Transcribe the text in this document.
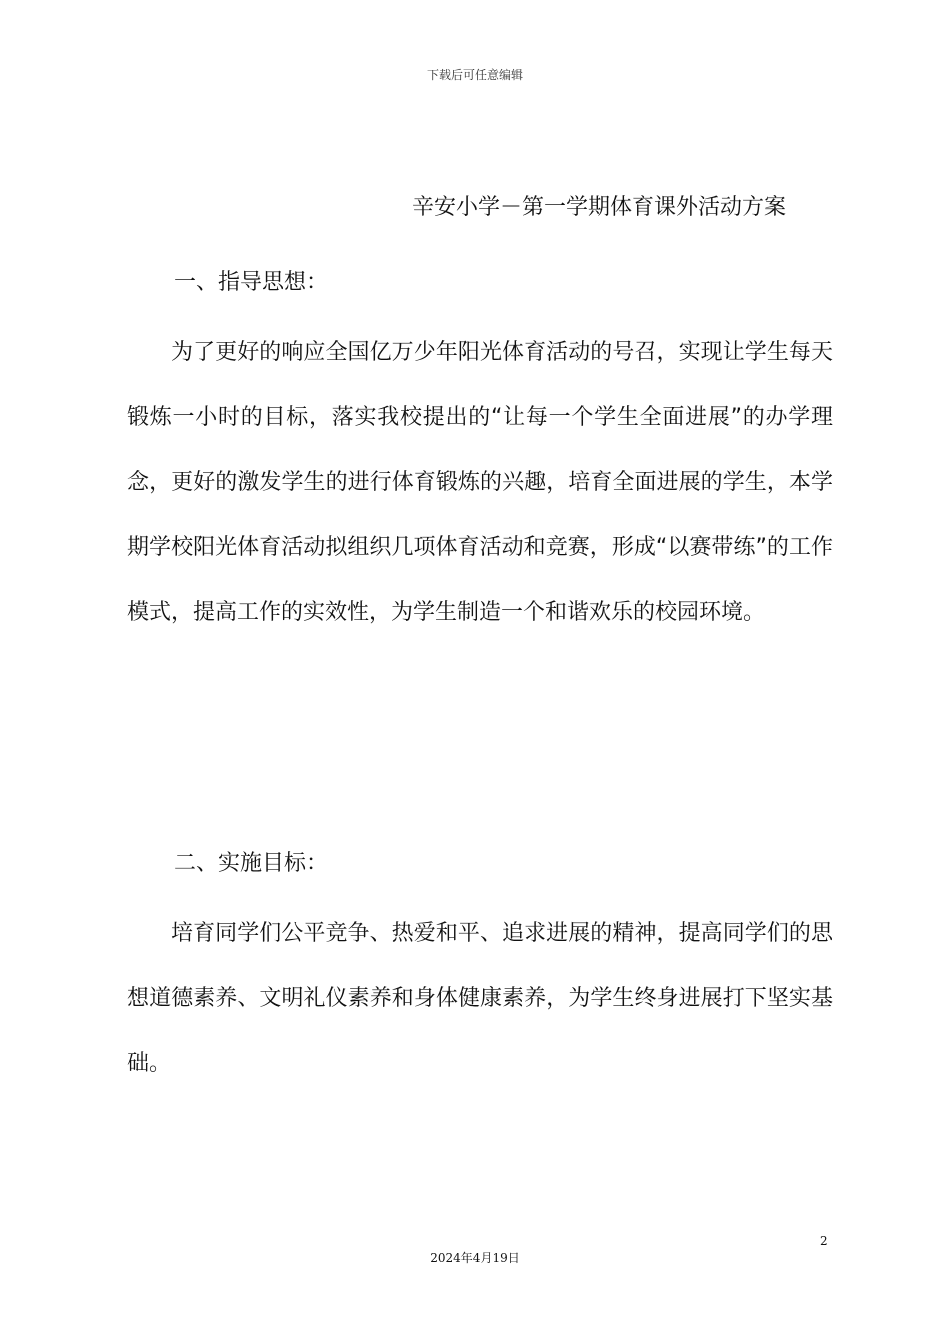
下载后可任意编辑
辛安小学－第一学期体育课外活动方案
一、指导思想：

为了更好的响应全国亿万少年阳光体育活动的号召，实现让学生每天锻炼一小时的目标，落实我校提出的“让每一个学生全面进展”的办学理念，更好的激发学生的进行体育锻炼的兴趣，培育全面进展的学生，本学期学校阳光体育活动拟组织几项体育活动和竞赛，形成“以赛带练”的工作模式，提高工作的实效性，为学生制造一个和谐欢乐的校园环境。

二、实施目标：

培育同学们公平竞争、热爱和平、追求进展的精神，提高同学们的思想道德素养、文明礼仪素养和身体健康素养，为学生终身进展打下坚实基础。

2
2024年4月19日
